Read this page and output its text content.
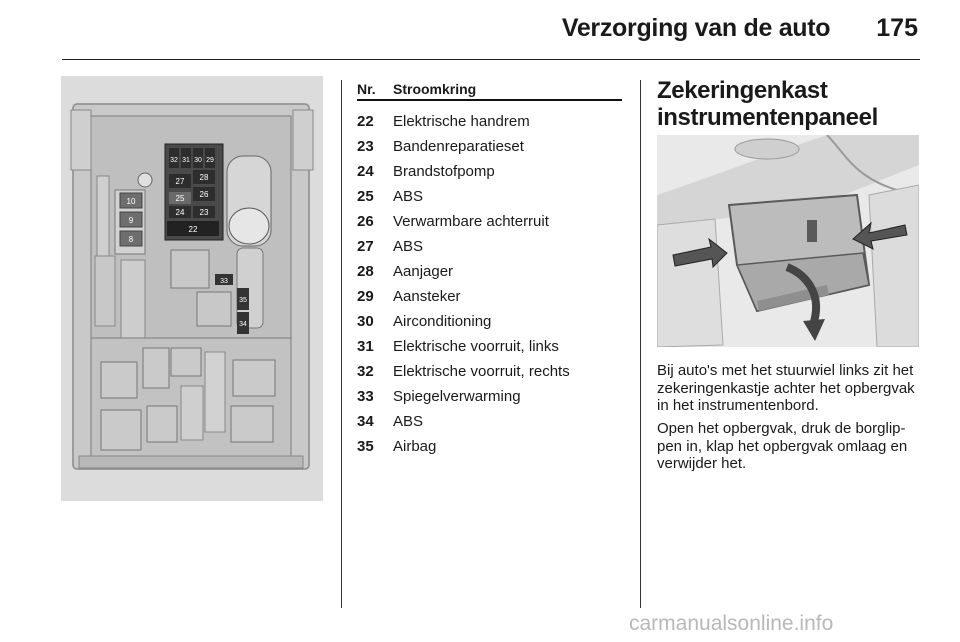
Verzorging van de auto 175
10
9
8
32 31 30 29
28
27
26
25
24 23
22
33
35
34
Nr.	Stroomkring
22	Elektrische handrem
23	Bandenreparatieset
24	Brandstofpomp
25	ABS
26	Verwarmbare achterruit
27	ABS
28	Aanjager
29	Aansteker
30	Airconditioning
31	Elektrische voorruit, links
32	Elektrische voorruit, rechts
33	Spiegelverwarming
34	ABS
35	Airbag
Zekeringenkast
instrumentenpaneel

Bij auto's met het stuurwiel links zit het zekeringenkastje achter het opbergvak in het instrumentenbord.

Open het opbergvak, druk de borglippen in, klap het opbergvak omlaag en verwijder het.

carmanualsonline.info
